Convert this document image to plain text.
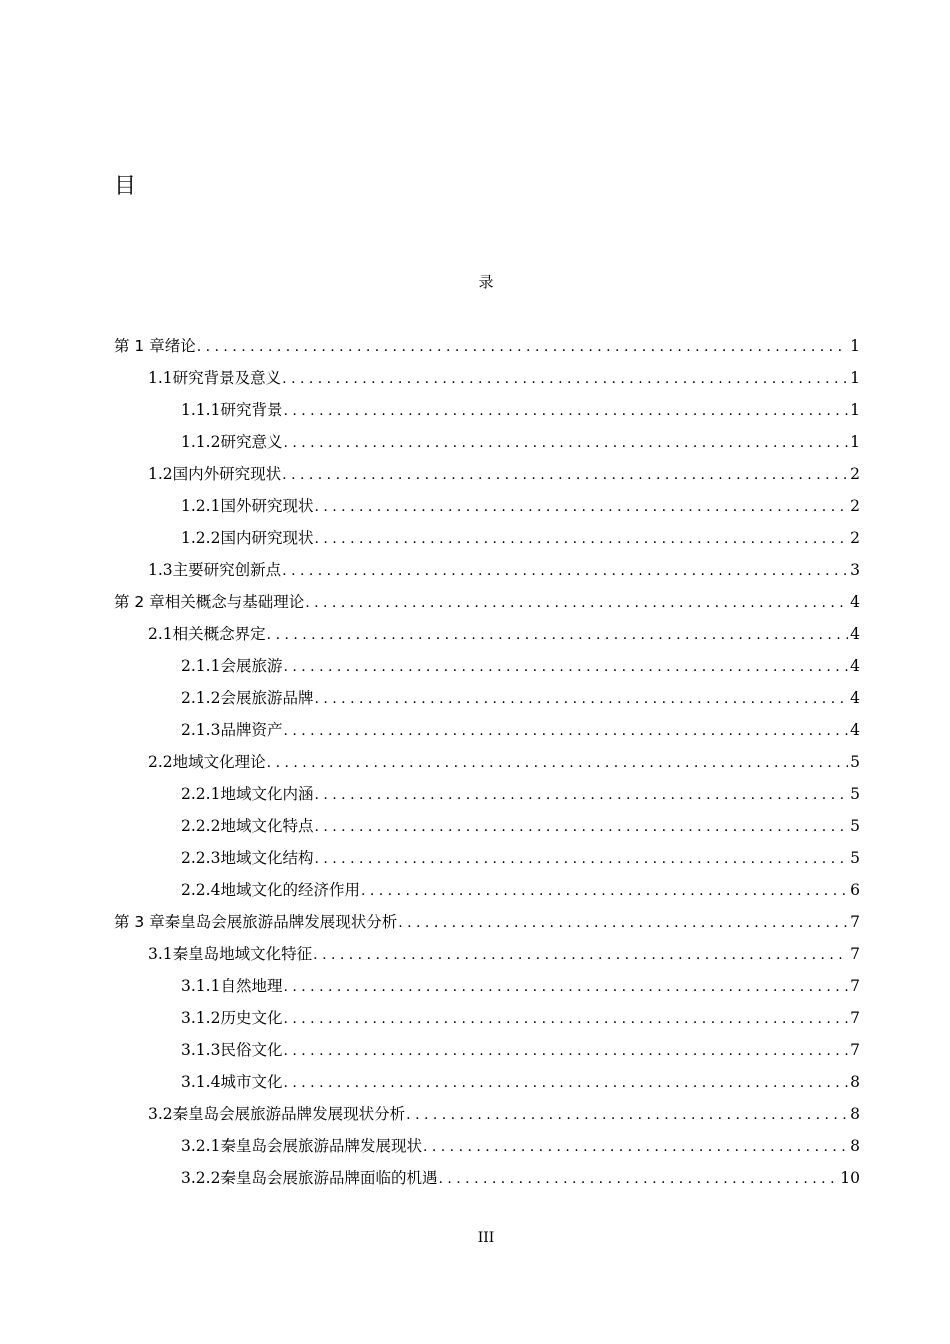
目
录
第 1 章 绪论 . . .	1
1.1 研究背景及意义 . . .	1
1.1.1 研究背景 . . .	1
1.1.2 研究意义 . . .	1
1.2 国内外研究现状 . . .	2
1.2.1 国外研究现状 . . .	2
1.2.2 国内研究现状 . . .	2
1.3 主要研究创新点 . . .	3
第 2 章 相关概念与基础理论 . . .	4
2.1 相关概念界定 . . .	4
2.1.1 会展旅游 . . .	4
2.1.2 会展旅游品牌 . . .	4
2.1.3 品牌资产 . . .	4
2.2 地域文化理论 . . .	5
2.2.1 地域文化内涵 . . .	5
2.2.2 地域文化特点 . . .	5
2.2.3 地域文化结构 . . .	5
2.2.4 地域文化的经济作用 . . .	6
第 3 章 秦皇岛会展旅游品牌发展现状分析 . . .	7
3.1 秦皇岛地域文化特征 . . .	7
3.1.1 自然地理 . . .	7
3.1.2 历史文化 . . .	7
3.1.3 民俗文化 . . .	7
3.1.4 城市文化 . . .	8
3.2 秦皇岛会展旅游品牌发展现状分析 . . .	8
3.2.1 秦皇岛会展旅游品牌发展现状 . . .	8
3.2.2 秦皇岛会展旅游品牌面临的机遇 . . .	10
III
